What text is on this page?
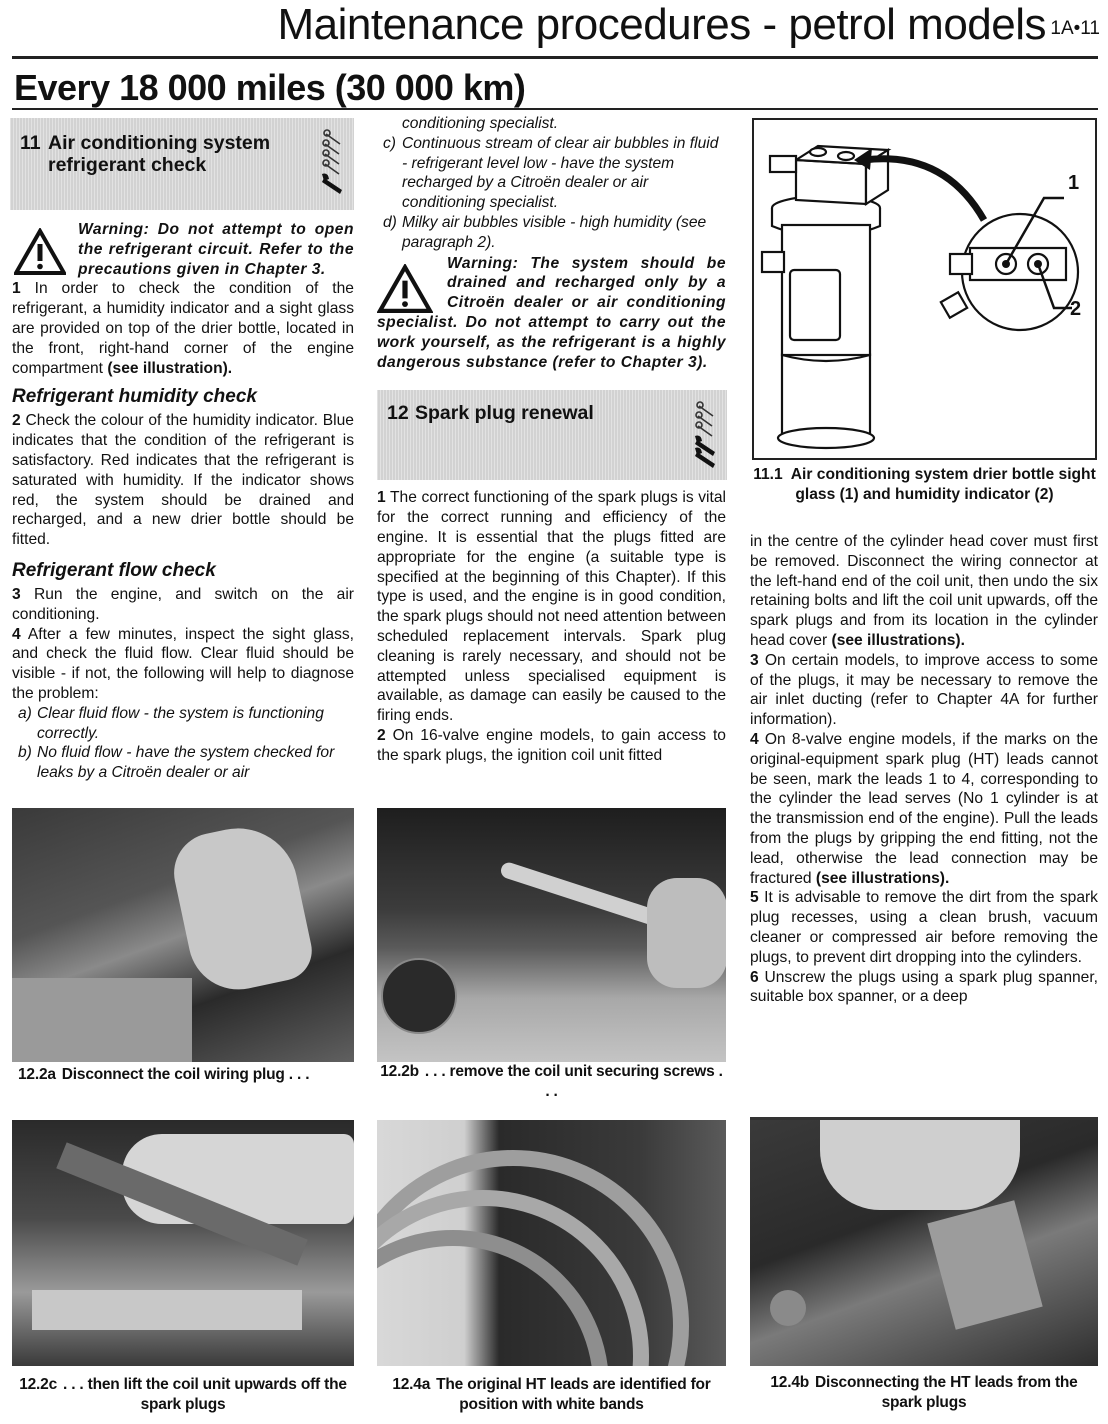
Maintenance procedures - petrol models 1A•11
Every 18 000 miles (30 000 km)
11 Air conditioning system
refrigerant check
Warning: Do not attempt to open the refrigerant circuit. Refer to the precautions given in Chapter 3.

1 In order to check the condition of the refrigerant, a humidity indicator and a sight glass are provided on top of the drier bottle, located in the front, right-hand corner of the engine compartment (see illustration).

Refrigerant humidity check

2 Check the colour of the humidity indicator. Blue indicates that the condition of the refrigerant is satisfactory. Red indicates that the refrigerant is saturated with humidity. If the indicator shows red, the system should be drained and recharged, and a new drier bottle should be fitted.

Refrigerant flow check

3 Run the engine, and switch on the air conditioning.

4 After a few minutes, inspect the sight glass, and check the fluid flow. Clear fluid should be visible - if not, the following will help to diagnose the problem:

a) Clear fluid flow - the system is functioning correctly.
b) No fluid flow - have the system checked for leaks by a Citroën dealer or air
conditioning specialist.
c) Continuous stream of clear air bubbles in fluid - refrigerant level low - have the system recharged by a Citroën dealer or air conditioning specialist.
d) Milky air bubbles visible - high humidity (see paragraph 2).
Warning: The system should be drained and recharged only by a Citroën dealer or air conditioning specialist. Do not attempt to carry out the work yourself, as the refrigerant is a highly dangerous substance (refer to Chapter 3).
12 Spark plug renewal

1 The correct functioning of the spark plugs is vital for the correct running and efficiency of the engine. It is essential that the plugs fitted are appropriate for the engine (a suitable type is specified at the beginning of this Chapter). If this type is used, and the engine is in good condition, the spark plugs should not need attention between scheduled replacement intervals. Spark plug cleaning is rarely necessary, and should not be attempted unless specialised equipment is available, as damage can easily be caused to the firing ends.

2 On 16-valve engine models, to gain access to the spark plugs, the ignition coil unit fitted

1
2
11.1 Air conditioning system drier bottle sight glass (1) and humidity indicator (2)

in the centre of the cylinder head cover must first be removed. Disconnect the wiring connector at the left-hand end of the coil unit, then undo the six retaining bolts and lift the coil unit upwards, off the spark plugs and from its location in the cylinder head cover (see illustrations).

3 On certain models, to improve access to some of the plugs, it may be necessary to remove the air inlet ducting (refer to Chapter 4A for further information).

4 On 8-valve engine models, if the marks on the original-equipment spark plug (HT) leads cannot be seen, mark the leads 1 to 4, corresponding to the cylinder the lead serves (No 1 cylinder is at the transmission end of the engine). Pull the leads from the plugs by gripping the end fitting, not the lead, otherwise the lead connection may be fractured (see illustrations).

5 It is advisable to remove the dirt from the spark plug recesses, using a clean brush, vacuum cleaner or compressed air before removing the plugs, to prevent dirt dropping into the cylinders.

6 Unscrew the plugs using a spark plug spanner, suitable box spanner, or a deep

12.2a Disconnect the coil wiring plug . . .	12.2b . . . remove the coil unit securing screws . . .
12.2c . . . then lift the coil unit upwards off the spark plugs
12.4a The original HT leads are identified for position with white bands
12.4b Disconnecting the HT leads from the spark plugs
